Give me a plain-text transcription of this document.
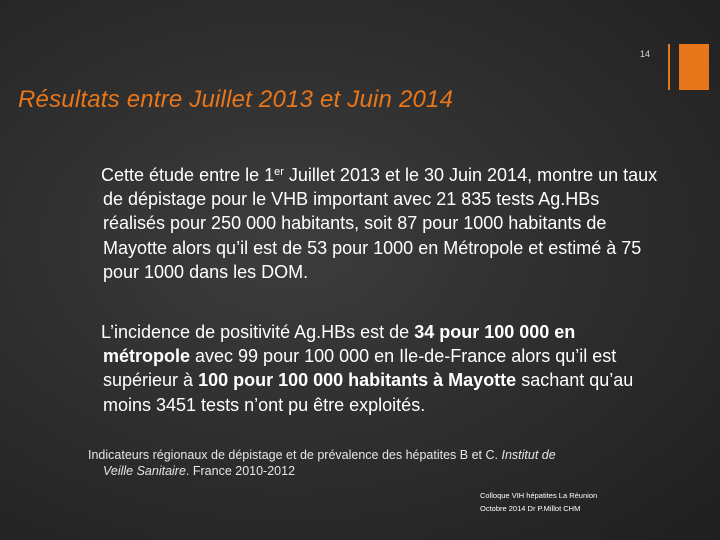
14
Résultats entre Juillet 2013 et Juin 2014

Cette étude entre le 1er Juillet 2013 et le 30 Juin 2014, montre un taux de dépistage pour le VHB important avec 21 835 tests Ag.HBs réalisés pour 250 000 habitants, soit 87 pour 1000 habitants de Mayotte alors qu’il est de 53 pour 1000 en Métropole et estimé à 75 pour 1000 dans les DOM.

L’incidence de positivité Ag.HBs est de 34 pour 100 000 en métropole avec 99 pour 100 000 en Ile-de-France alors qu’il est supérieur à 100 pour 100 000 habitants à Mayotte sachant qu’au moins 3451 tests n’ont pu être exploités.

Indicateurs régionaux de dépistage et de prévalence des hépatites B et C. Institut de
Veille Sanitaire. France 2010-2012
Colloque VIH hépatites La Réunion
Octobre 2014 Dr P.Millot CHM
